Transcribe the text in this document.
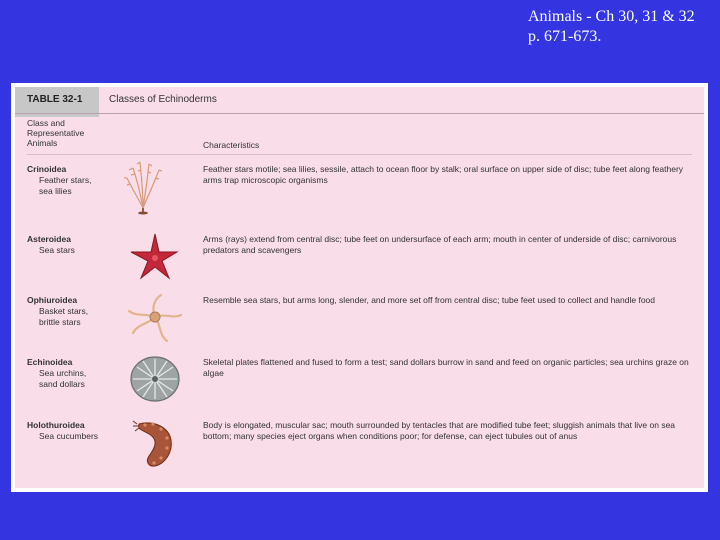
Animals - Ch 30, 31 & 32
p. 671-673.
TABLE 32-1	Classes of Echinoderms
Class and
Representative
Animals	Characteristics
Crinoidea
Feather stars,
sea lilies
Feather stars motile; sea lilies, sessile, attach to ocean floor by stalk; oral surface on upper side of disc; tube feet along feathery arms trap microscopic organisms
Asteroidea
Sea stars
Arms (rays) extend from central disc; tube feet on undersurface of each arm; mouth in center of underside of disc; carnivorous predators and scavengers
Ophiuroidea
Basket stars,
brittle stars
Resemble sea stars, but arms long, slender, and more set off from central disc; tube feet used to collect and handle food
Echinoidea
Sea urchins,
sand dollars
Skeletal plates flattened and fused to form a test; sand dollars burrow in sand and feed on organic particles; sea urchins graze on algae
Holothuroidea
Sea cucumbers
Body is elongated, muscular sac; mouth surrounded by tentacles that are modified tube feet; sluggish animals that live on sea bottom; many species eject organs when conditions poor; for defense, can eject tubules out of anus
